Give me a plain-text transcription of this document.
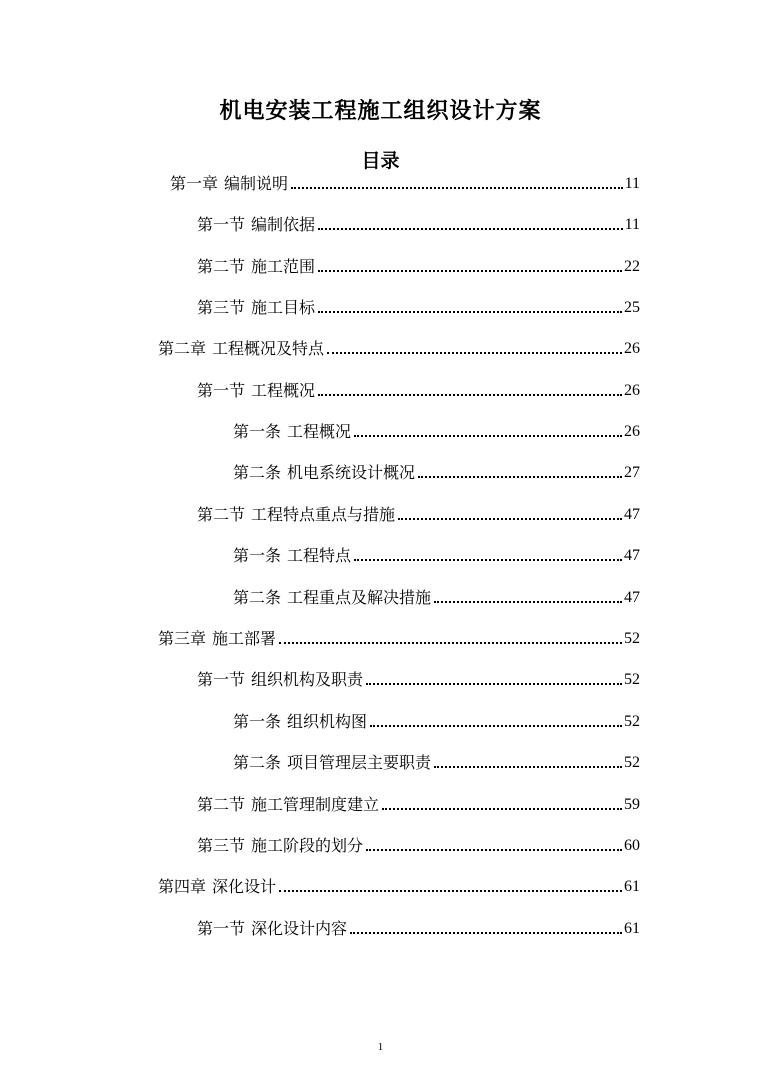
机电安装工程施工组织设计方案
目录
第一章 编制说明	11
第一节 编制依据	11
第二节 施工范围	22
第三节 施工目标	25
第二章 工程概况及特点	26
第一节 工程概况	26
第一条 工程概况	26
第二条 机电系统设计概况	27
第二节 工程特点重点与措施	47
第一条 工程特点	47
第二条 工程重点及解决措施	47
第三章 施工部署	52
第一节 组织机构及职责	52
第一条 组织机构图	52
第二条 项目管理层主要职责	52
第二节 施工管理制度建立	59
第三节 施工阶段的划分	60
第四章 深化设计	61
第一节 深化设计内容	61
1
